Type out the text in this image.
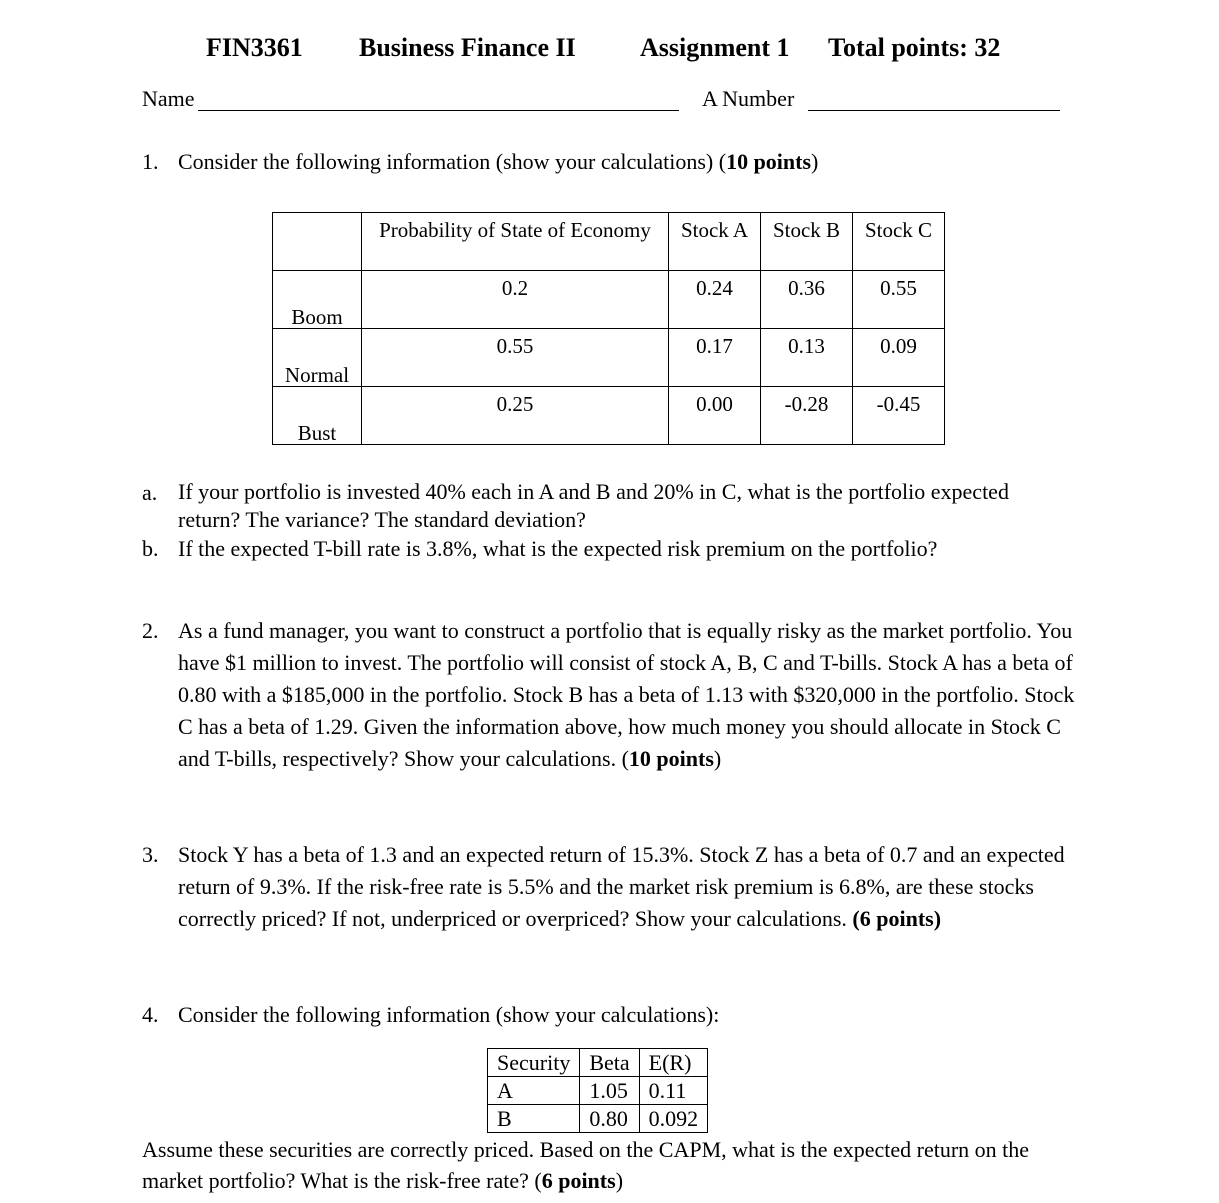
FIN3361 Business Finance II Assignment 1 Total points: 32
Name	A Number
1. Consider the following information (show your calculations) (10 points)

	Probability of State of Economy	Stock A	Stock B	Stock C

Boom	0.2	0.24	0.36	0.55

Normal	0.55	0.17	0.13	0.09

Bust	0.25	0.00	-0.28	-0.45
a. If your portfolio is invested 40% each in A and B and 20% in C, what is the portfolio expected return? The variance? The standard deviation?
b. If the expected T-bill rate is 3.8%, what is the expected risk premium on the portfolio?
2. As a fund manager, you want to construct a portfolio that is equally risky as the market portfolio. You have $1 million to invest. The portfolio will consist of stock A, B, C and T-bills. Stock A has a beta of 0.80 with a $185,000 in the portfolio. Stock B has a beta of 1.13 with $320,000 in the portfolio. Stock C has a beta of 1.29. Given the information above, how much money you should allocate in Stock C and T-bills, respectively? Show your calculations. (10 points)
3. Stock Y has a beta of 1.3 and an expected return of 15.3%. Stock Z has a beta of 0.7 and an expected return of 9.3%. If the risk-free rate is 5.5% and the market risk premium is 6.8%, are these stocks correctly priced? If not, underpriced or overpriced? Show your calculations. (6 points)
4. Consider the following information (show your calculations):
Security	Beta	E(R)
A	1.05	0.11
B	0.80	0.092
Assume these securities are correctly priced. Based on the CAPM, what is the expected return on the market portfolio? What is the risk-free rate? (6 points)
